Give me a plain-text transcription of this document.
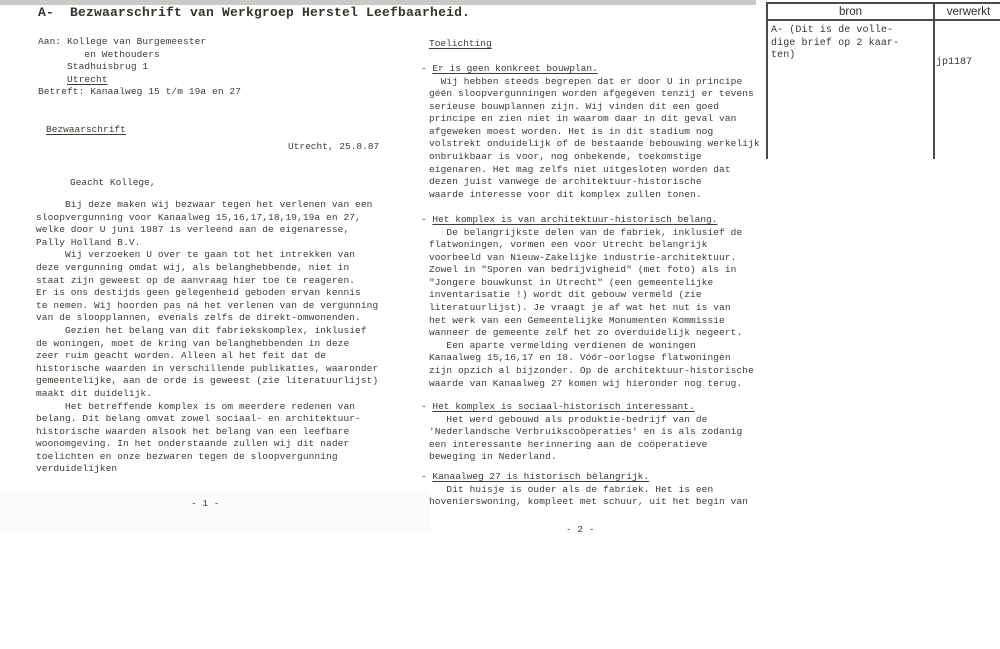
A-  Bezwaarschrift van Werkgroep Herstel Leefbaarheid.
Aan: Kollege van Burgemeester
en Wethouders
Stadhuisbrug 1
Utrecht
Betreft: Kanaalweg 15 t/m 19a en 27
Bezwaarschrift
Utrecht, 25.8.87
Geacht Kollege,
Bij deze maken wij bezwaar tegen het verlenen van een
sloopvergunning voor Kanaalweg 15,16,17,18,19,19a en 27,
welke door U juni 1987 is verleend aan de eigenaresse,
Pally Holland B.V.
Wij verzoeken U over te gaan tot het intrekken van
deze vergunning omdat wij, als belanghebbende, niet in
staat zijn geweest op de aanvraag hier toe te reageren.
Er is ons destijds geen gelegenheid geboden ervan kennis
te nemen. Wij hoorden pas ná het verlenen van de vergunning
van de sloopplannen, evenals zelfs de direkt-omwonenden.
Gezien het belang van dit fabriekskomplex, inklusief
de woningen, moet de kring van belanghebbenden in deze
zeer ruim geacht worden. Alleen al het feit dat de
historische waarden in verschillende publikaties, waaronder
gemeentelijke, aan de orde is geweest (zie literatuurlijst)
maakt dit duidelijk.
Het betreffende komplex is om meerdere redenen van
belang. Dit belang omvat zowel sociaal- en architektuur-
historische waarden alsook het belang van een leefbare
woonomgeving. In het onderstaande zullen wij dit nader
toelichten en onze bezwaren tegen de sloopvergunning
verduidelijken
- 1 -
Toelichting
- Er is geen konkreet bouwplan.
Wij hebben steeds begrepen dat er door U in principe
géén sloopvergunningen worden afgegeven tenzij er tevens
serieuse bouwplannen zijn. Wij vinden dit een goed
principe en zien niet in waarom daar in dit geval van
afgeweken moest worden. Het is in dit stadium nog
volstrekt onduidelijk of de bestaande bebouwing werkelijk
onbruikbaar is voor, nog onbekende, toekomstige
eigenaren. Het mag zelfs niet uitgesloten worden dat
dezen juist vanwege de architektuur-historische
waarde interesse voor dit komplex zullen tonen.
- Het komplex is van architektuur-historisch belang.
De belangrijkste delen van de fabriek, inklusief de
flatwoningen, vormen een voor Utrecht belangrijk
voorbeeld van Nieuw-Zakelijke industrie-architektuur.
Zowel in "Sporen van bedrijvigheid" (met foto) als in
"Jongere bouwkunst in Utrecht" (een gemeentelijke
inventarisatie !) wordt dit gebouw vermeld (zie
literatuurlijst). Je vraagt je af wat het nut is van
het werk van een Gemeentelijke Monumenten Kommissie
wanneer de gemeente zelf het zo overduidelijk negeert.
Een aparte vermelding verdienen de woningen
Kanaalweg 15,16,17 en 18. Vóór-oorlogse flatwoningen
zijn opzich al bijzonder. Op de architektuur-historische
waarde van Kanaalweg 27 komen wij hieronder nog terug.
- Het komplex is sociaal-historisch interessant.
Het werd gebouwd als produktie-bedrijf van de
'Nederlandsche Verbruikscoöperaties' en is als zodanig
een interessante herinnering aan de coöperatieve
beweging in Nederland.
- Kanaalweg 27 is historisch bèlangrijk.
Dit huisje is ouder als de fabriek. Het is een
hovenierswoning, kompleet met schuur, uit het begin van
- 2 -
bron	verwerkt
A- (Dit is de volle-
dige brief op 2 kaar-
ten)
jp1187
